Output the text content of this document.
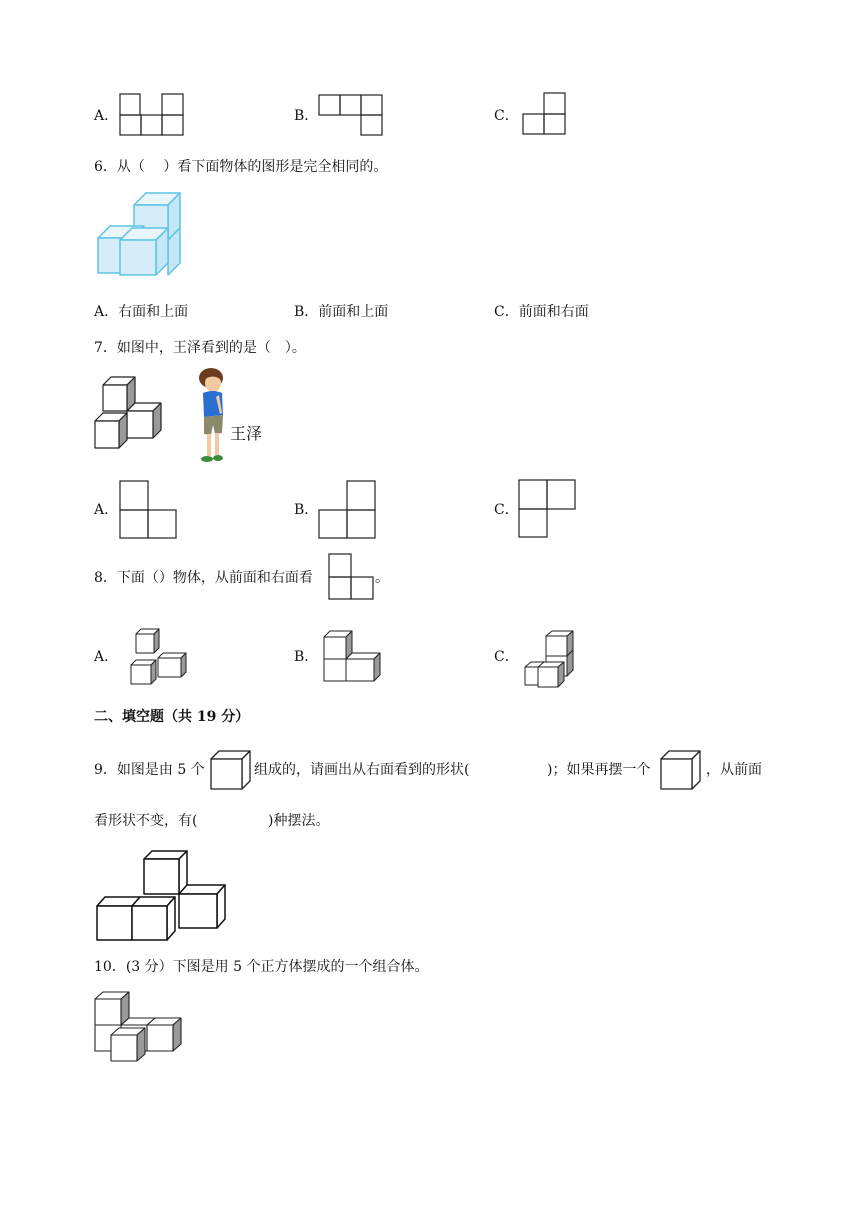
A．	B．	C．
6．从（　 ）看下面物体的图形是完全相同的。
A．右面和上面	B．前面和上面	C．前面和右面
7．如图中，王泽看到的是（　）。
王泽
A．	B．	C．
8．下面（）物体，从前面和右面看	。
A．	B．	C．
二、填空题（共 19 分）
9．如图是由 5 个	组成的，请画出从右面看到的形状(	)；如果再摆一个	，从前面
看形状不变，有(	)种摆法。
10．(3 分）下图是用 5 个正方体摆成的一个组合体。
